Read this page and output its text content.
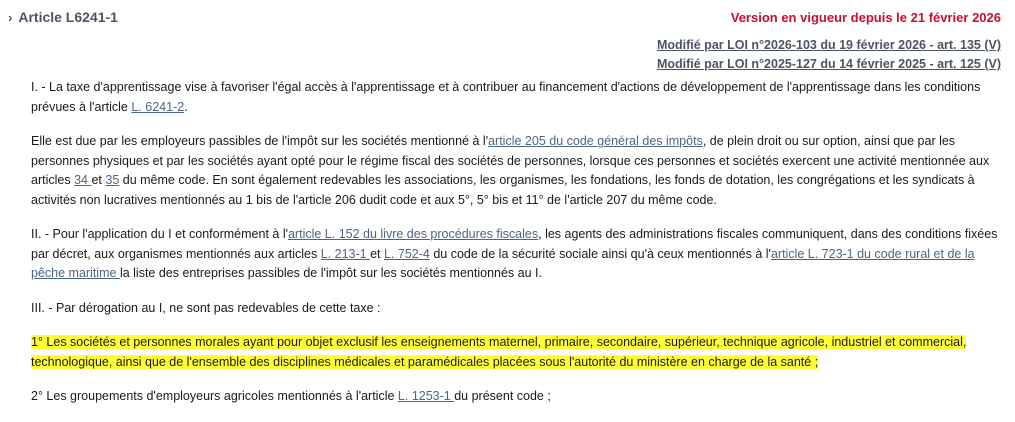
› Article L6241-1	Version en vigueur depuis le 21 février 2026
Modifié par LOI n°2026-103 du 19 février 2026 - art. 135 (V)
Modifié par LOI n°2025-127 du 14 février 2025 - art. 125 (V)

I. - La taxe d'apprentissage vise à favoriser l'égal accès à l'apprentissage et à contribuer au financement d'actions de développement de l'apprentissage dans les conditions prévues à l'article L. 6241-2.

Elle est due par les employeurs passibles de l'impôt sur les sociétés mentionné à l'article 205 du code général des impôts, de plein droit ou sur option, ainsi que par les personnes physiques et par les sociétés ayant opté pour le régime fiscal des sociétés de personnes, lorsque ces personnes et sociétés exercent une activité mentionnée aux articles 34 et 35 du même code. En sont également redevables les associations, les organismes, les fondations, les fonds de dotation, les congrégations et les syndicats à activités non lucratives mentionnés au 1 bis de l'article 206 dudit code et aux 5°, 5° bis et 11° de l'article 207 du même code.

II. - Pour l'application du I et conformément à l'article L. 152 du livre des procédures fiscales, les agents des administrations fiscales communiquent, dans des conditions fixées par décret, aux organismes mentionnés aux articles L. 213-1 et L. 752-4 du code de la sécurité sociale ainsi qu'à ceux mentionnés à l'article L. 723-1 du code rural et de la pêche maritime la liste des entreprises passibles de l'impôt sur les sociétés mentionnés au I.

III. - Par dérogation au I, ne sont pas redevables de cette taxe :

1° Les sociétés et personnes morales ayant pour objet exclusif les enseignements maternel, primaire, secondaire, supérieur, technique agricole, industriel et commercial, technologique, ainsi que de l'ensemble des disciplines médicales et paramédicales placées sous l'autorité du ministère en charge de la santé ;

2° Les groupements d'employeurs agricoles mentionnés à l'article L. 1253-1 du présent code ;
